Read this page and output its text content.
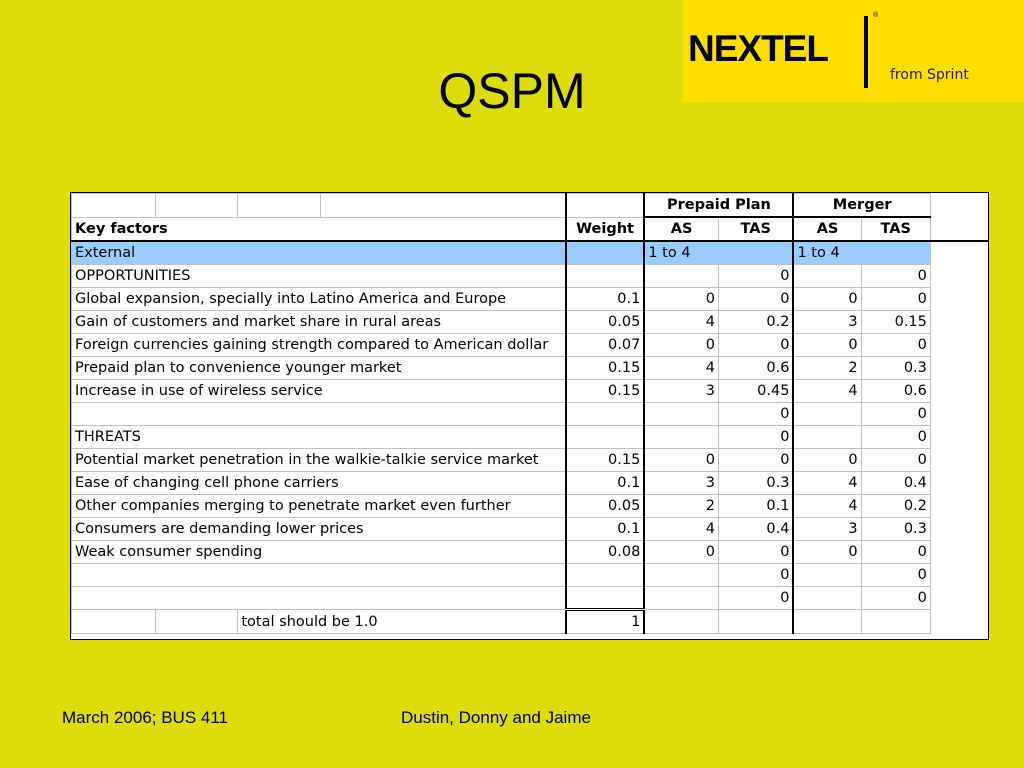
NEXTEL
®
from Sprint
QSPM
					Prepaid Plan		Merger
Key factors				Weight	AS	TAS	AS	TAS
External					1 to 4		1 to 4	
OPPORTUNITIES						0		0
Global expansion, specially into Latino America and Europe				0.1	0	0	0	0
Gain of customers and market share in rural areas				0.05	4	0.2	3	0.15
Foreign currencies gaining strength compared to American dollar				0.07	0	0	0	0
Prepaid plan to convenience younger market				0.15	4	0.6	2	0.3
Increase in use of wireless service				0.15	3	0.45	4	0.6
						0		0
THREATS						0		0
Potential market penetration in the walkie-talkie service market				0.15	0	0	0	0
Ease of changing cell phone carriers				0.1	3	0.3	4	0.4
Other companies merging to penetrate market even further				0.05	2	0.1	4	0.2
Consumers are demanding lower prices				0.1	4	0.4	3	0.3
Weak consumer spending				0.08	0	0	0	0
						0		0
						0		0
		total should be 1.0		1				
March 2006; BUS 411	Dustin, Donny and Jaime
